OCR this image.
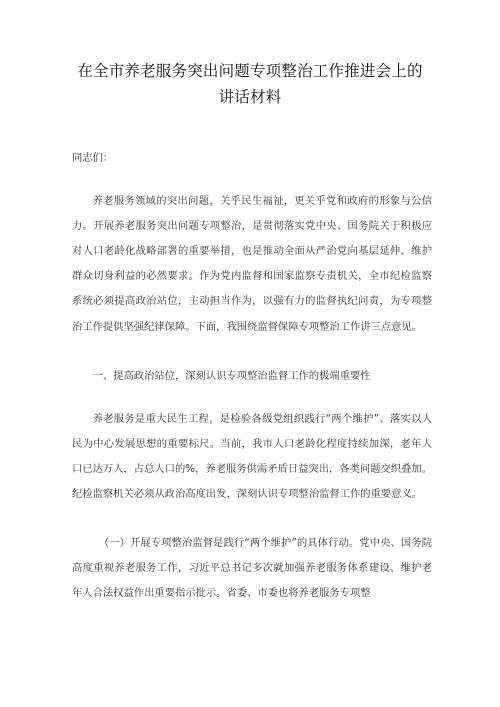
在全市养老服务突出问题专项整治工作推进会上的讲话材料

同志们：

养老服务领域的突出问题，关乎民生福祉，更关乎党和政府的形象与公信力。开展养老服务突出问题专项整治，是贯彻落实党中央、国务院关于积极应对人口老龄化战略部署的重要举措，也是推动全面从严治党向基层延伸、维护群众切身利益的必然要求。作为党内监督和国家监察专责机关，全市纪检监察系统必须提高政治站位，主动担当作为，以强有力的监督执纪问责，为专项整治工作提供坚强纪律保障。下面，我围绕监督保障专项整治工作讲三点意见。

一、提高政治站位，深刻认识专项整治监督工作的极端重要性

养老服务是重大民生工程，是检验各级党组织践行“两个维护”、落实以人民为中心发展思想的重要标尺。当前，我市人口老龄化程度持续加深，老年人口已达万人，占总人口的%，养老服务供需矛盾日益突出，各类问题交织叠加。纪检监察机关必须从政治高度出发，深刻认识专项整治监督工作的重要意义。

（一）开展专项整治监督是践行“两个维护”的具体行动。党中央、国务院高度重视养老服务工作，习近平总书记多次就加强养老服务体系建设、维护老年人合法权益作出重要指示批示。省委、市委也将养老服务专项整
